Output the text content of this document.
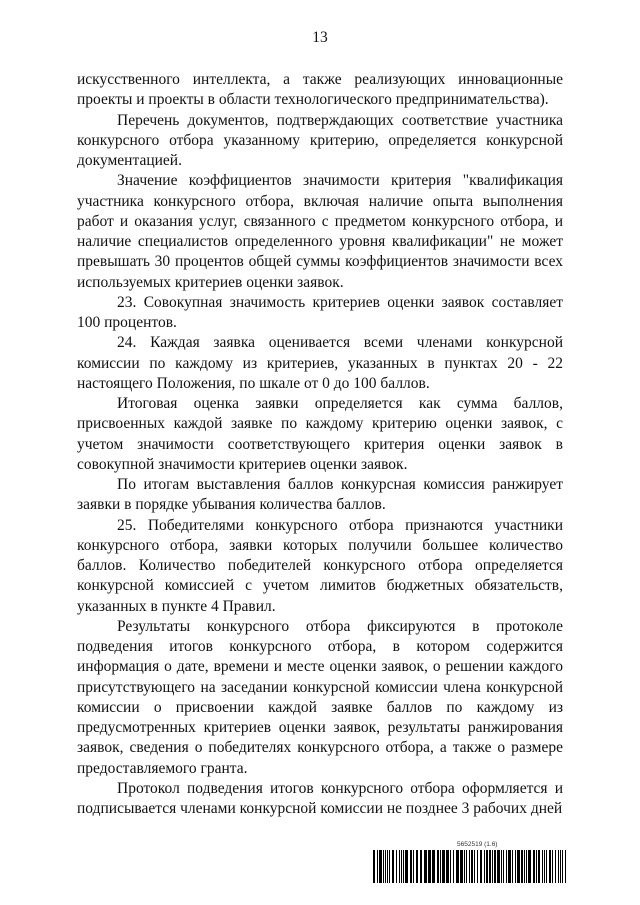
13

искусственного интеллекта, а также реализующих инновационные проекты и проекты в области технологического предпринимательства).

Перечень документов, подтверждающих соответствие участника конкурсного отбора указанному критерию, определяется конкурсной документацией.

Значение коэффициентов значимости критерия "квалификация участника конкурсного отбора, включая наличие опыта выполнения работ и оказания услуг, связанного с предметом конкурсного отбора, и наличие специалистов определенного уровня квалификации" не может превышать 30 процентов общей суммы коэффициентов значимости всех используемых критериев оценки заявок.

23. Совокупная значимость критериев оценки заявок составляет 100 процентов.

24. Каждая заявка оценивается всеми членами конкурсной комиссии по каждому из критериев, указанных в пунктах 20 - 22 настоящего Положения, по шкале от 0 до 100 баллов.

Итоговая оценка заявки определяется как сумма баллов, присвоенных каждой заявке по каждому критерию оценки заявок, с учетом значимости соответствующего критерия оценки заявок в совокупной значимости критериев оценки заявок.

По итогам выставления баллов конкурсная комиссия ранжирует заявки в порядке убывания количества баллов.

25. Победителями конкурсного отбора признаются участники конкурсного отбора, заявки которых получили большее количество баллов. Количество победителей конкурсного отбора определяется конкурсной комиссией с учетом лимитов бюджетных обязательств, указанных в пункте 4 Правил.

Результаты конкурсного отбора фиксируются в протоколе подведения итогов конкурсного отбора, в котором содержится информация о дате, времени и месте оценки заявок, о решении каждого присутствующего на заседании конкурсной комиссии члена конкурсной комиссии о присвоении каждой заявке баллов по каждому из предусмотренных критериев оценки заявок, результаты ранжирования заявок, сведения о победителях конкурсного отбора, а также о размере предоставляемого гранта.

Протокол подведения итогов конкурсного отбора оформляется и подписывается членами конкурсной комиссии не позднее 3 рабочих дней

5652519 (1.6)
